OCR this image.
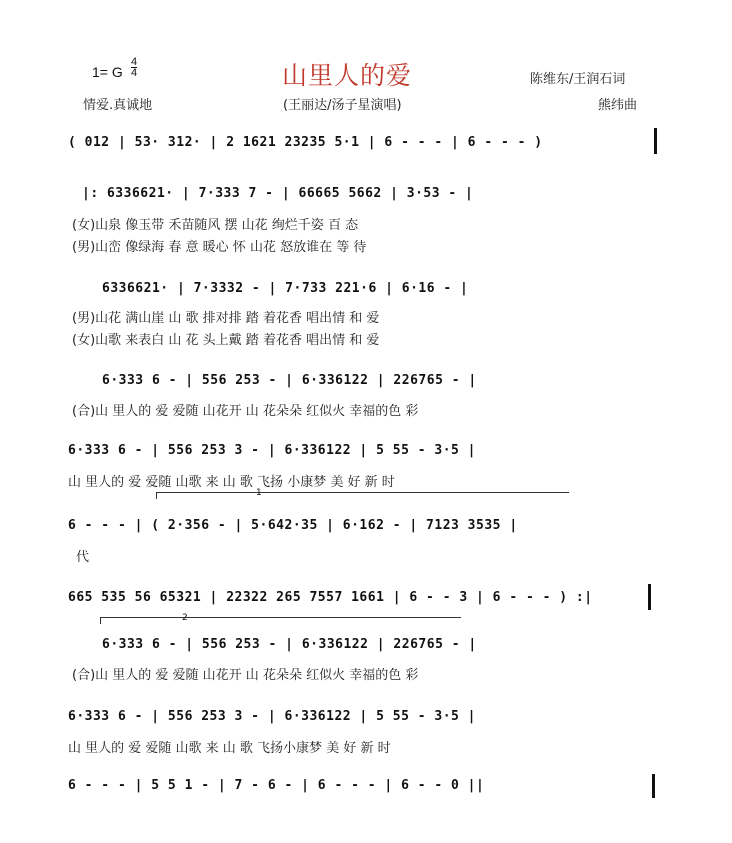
1= G
4
4	山里人的爱	陈维东/王润石词
情爱.真诚地	(王丽达/汤子星演唱)	熊纬曲
( 012 | 53· 312· | 2 1621 23235 5·1 | 6 - - - | 6 - - - )
|: 6336621· | 7·333 7 - | 66665 5662 | 3·53 - |
(女)山泉 像玉带 禾苗随风 摆 山花 绚烂千姿 百 态
(男)山峦 像绿海 春 意 暖心 怀 山花 怒放谁在 等 待
6336621· | 7·3332 - | 7·733 221·6 | 6·16 - |
(男)山花 满山崖 山 歌 排对排 踏 着花香 唱出情 和 爱
(女)山歌 来表白 山 花 头上戴 踏 着花香 唱出情 和 爱
6·333 6 - | 556 253 - | 6·336122 | 226765 - |
(合)山 里人的 爱 爱随 山花开 山 花朵朵 红似火 幸福的色 彩
6·333 6 - | 556 253 3 - | 6·336122 | 5 55 - 3·5 |
山 里人的 爱 爱随 山歌 来 山 歌 飞扬 小康梦 美 好 新 时
1
6 - - - | ( 2·356 - | 5·642·35 | 6·162 - | 7123 3535 |
代
665 535 56 65321 | 22322 265 7557 1661 | 6 - - 3 | 6 - - - ) :|
2
6·333 6 - | 556 253 - | 6·336122 | 226765 - |
(合)山 里人的 爱 爱随 山花开 山 花朵朵 红似火 幸福的色 彩
6·333 6 - | 556 253 3 - | 6·336122 | 5 55 - 3·5 |
山 里人的 爱 爱随 山歌 来 山 歌 飞扬小康梦 美 好 新 时
6 - - - | 5 5 1 - | 7 - 6 - | 6 - - - | 6 - - 0 ||
